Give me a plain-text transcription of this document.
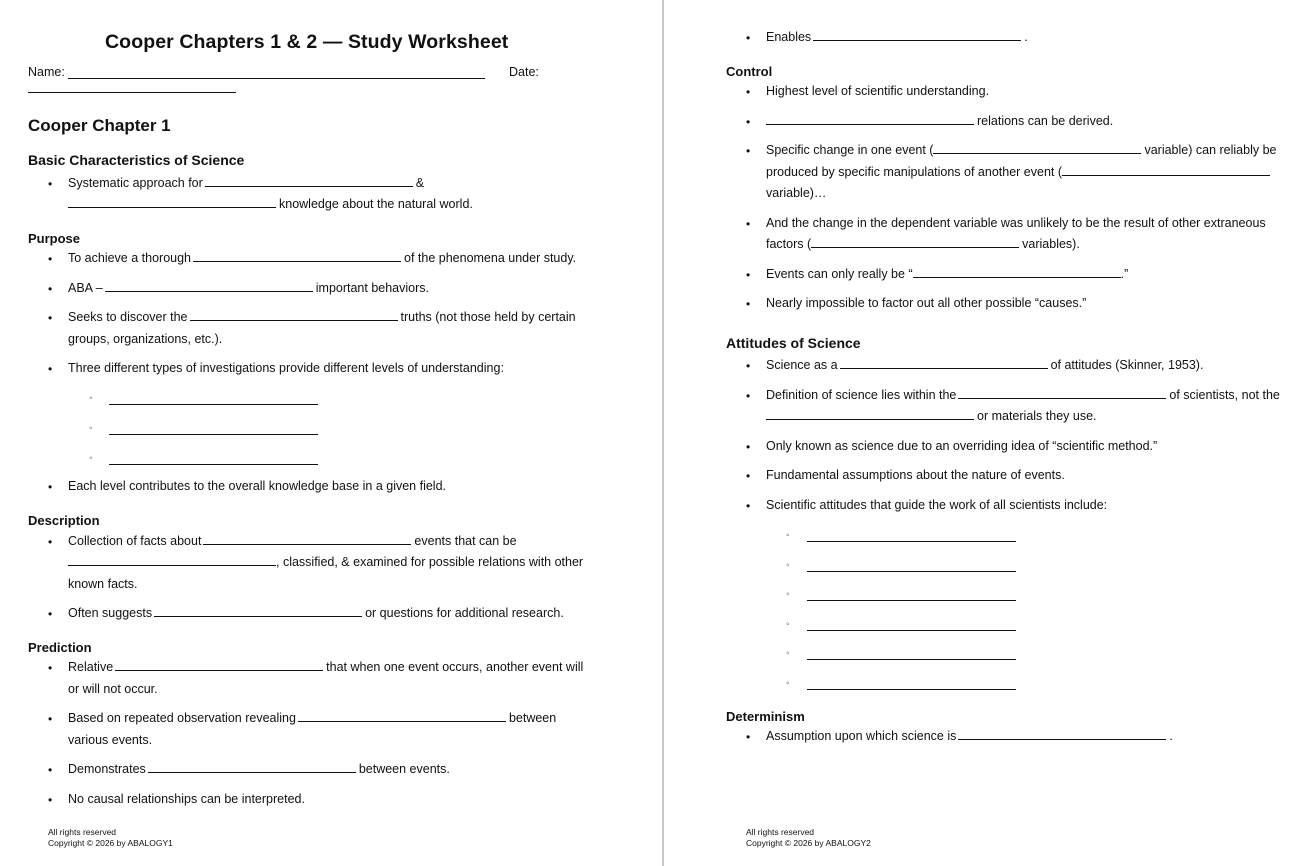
Cooper Chapters 1 & 2 — Study Worksheet
Name:	Date:
Cooper Chapter 1
Basic Characteristics of Science
• Systematic approach for	&
knowledge about the natural world.
Purpose
• To achieve a thorough	of the phenomena under study.
• ABA –	important behaviors.
• Seeks to discover the	truths (not those held by certain
groups, organizations, etc.).
• Three different types of investigations provide different levels of understanding:
◦
◦
◦
• Each level contributes to the overall knowledge base in a given field.
Description
• Collection of facts about	events that can be
, classified, & examined for possible relations with other
known facts.
• Often suggests	or questions for additional research.
Prediction
• Relative	that when one event occurs, another event will
or will not occur.
• Based on repeated observation revealing	between
various events.
• Demonstrates	between events.
• No causal relationships can be interpreted.
All rights reserved
Copyright © 2026 by ABALOGY1
• Enables	.
Control
• Highest level of scientific understanding.
•	relations can be derived.
• Specific change in one event (	variable) can reliably be
produced by specific manipulations of another event (
variable)…
• And the change in the dependent variable was unlikely to be the result of other extraneous
factors (	variables).
• Events can only really be “	.”
• Nearly impossible to factor out all other possible “causes.”
Attitudes of Science
• Science as a	of attitudes (Skinner, 1953).
• Definition of science lies within the	of scientists, not the
or materials they use.
• Only known as science due to an overriding idea of “scientific method.”
• Fundamental assumptions about the nature of events.
• Scientific attitudes that guide the work of all scientists include:
◦
◦
◦
◦
◦
◦
Determinism
• Assumption upon which science is	.
All rights reserved
Copyright © 2026 by ABALOGY2
